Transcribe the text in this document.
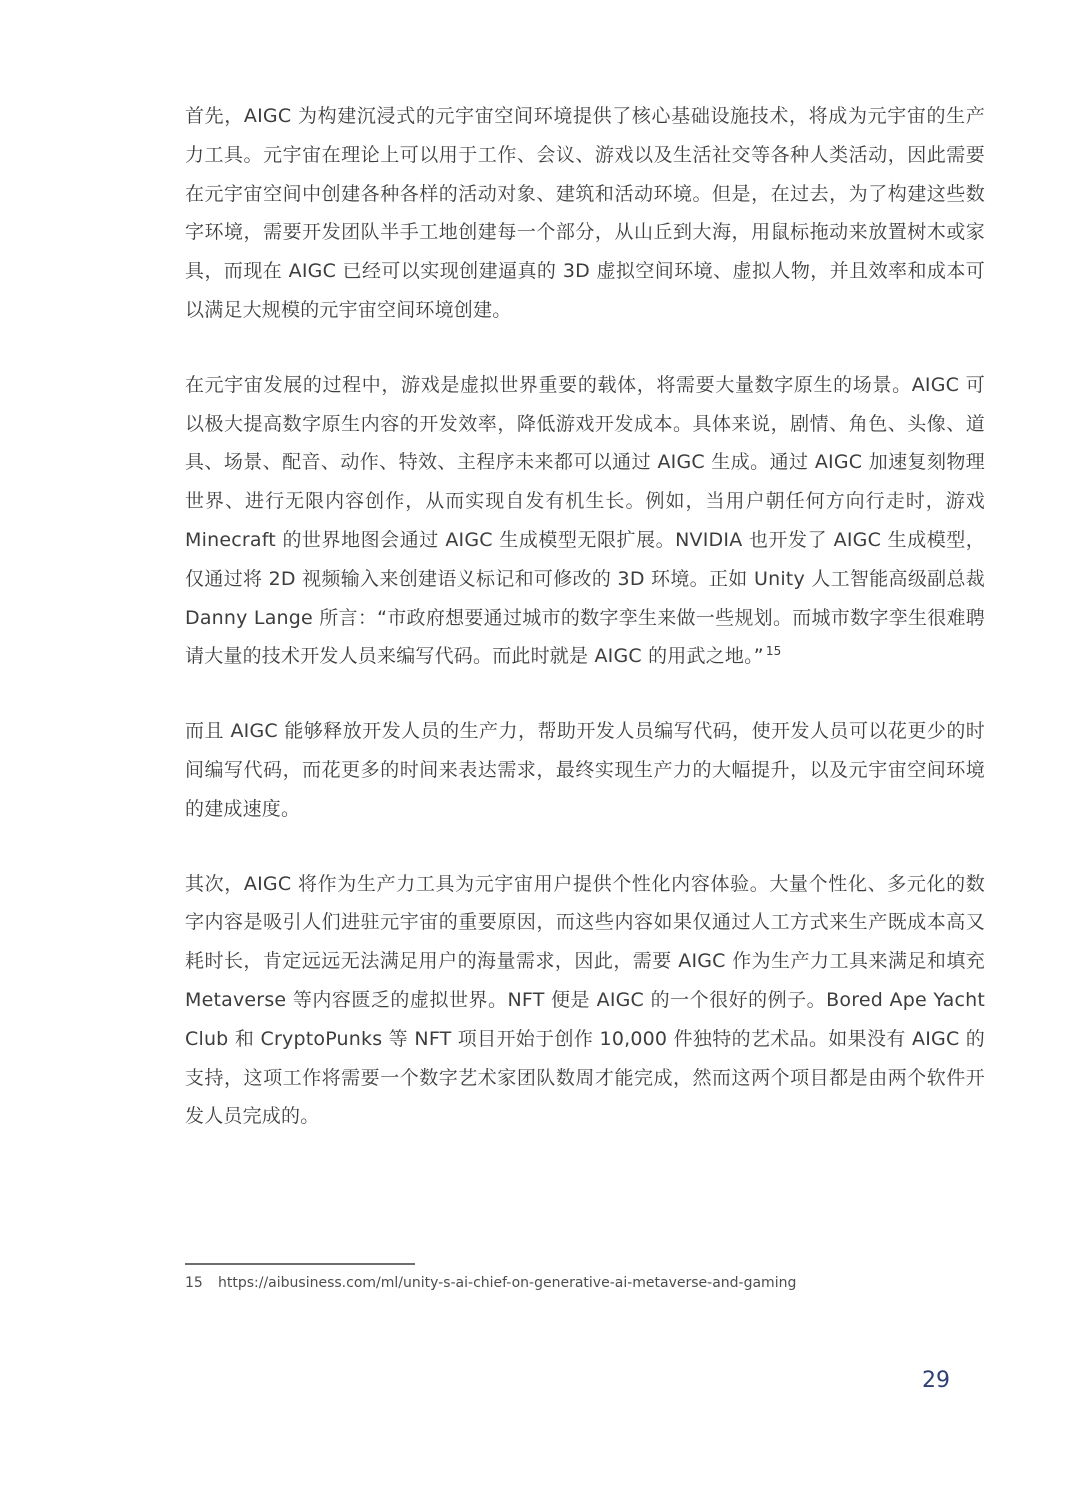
首先，AIGC 为构建沉浸式的元宇宙空间环境提供了核心基础设施技术，将成为元宇宙的生产力工具。元宇宙在理论上可以用于工作、会议、游戏以及生活社交等各种人类活动，因此需要在元宇宙空间中创建各种各样的活动对象、建筑和活动环境。但是，在过去，为了构建这些数字环境，需要开发团队半手工地创建每一个部分，从山丘到大海，用鼠标拖动来放置树木或家具，而现在 AIGC 已经可以实现创建逼真的 3D 虚拟空间环境、虚拟人物，并且效率和成本可以满足大规模的元宇宙空间环境创建。

在元宇宙发展的过程中，游戏是虚拟世界重要的载体，将需要大量数字原生的场景。AIGC 可以极大提高数字原生内容的开发效率，降低游戏开发成本。具体来说，剧情、角色、头像、道具、场景、配音、动作、特效、主程序未来都可以通过 AIGC 生成。通过 AIGC 加速复刻物理世界、进行无限内容创作，从而实现自发有机生长。例如，当用户朝任何方向行走时，游戏 Minecraft 的世界地图会通过 AIGC 生成模型无限扩展。NVIDIA 也开发了 AIGC 生成模型，仅通过将 2D 视频输入来创建语义标记和可修改的 3D 环境。正如 Unity 人工智能高级副总裁 Danny Lange 所言：“市政府想要通过城市的数字孪生来做一些规划。而城市数字孪生很难聘请大量的技术开发人员来编写代码。而此时就是 AIGC 的用武之地。” $^{15}$

而且 AIGC 能够释放开发人员的生产力，帮助开发人员编写代码，使开发人员可以花更少的时间编写代码，而花更多的时间来表达需求，最终实现生产力的大幅提升，以及元宇宙空间环境的建成速度。

其次，AIGC 将作为生产力工具为元宇宙用户提供个性化内容体验。大量个性化、多元化的数字内容是吸引人们进驻元宇宙的重要原因，而这些内容如果仅通过人工方式来生产既成本高又耗时长，肯定远远无法满足用户的海量需求，因此，需要 AIGC 作为生产力工具来满足和填充 Metaverse 等内容匮乏的虚拟世界。NFT 便是 AIGC 的一个很好的例子。Bored Ape Yacht Club 和 CryptoPunks 等 NFT 项目开始于创作 10,000 件独特的艺术品。如果没有 AIGC 的支持，这项工作将需要一个数字艺术家团队数周才能完成，然而这两个项目都是由两个软件开发人员完成的。

15 https://aibusiness.com/ml/unity-s-ai-chief-on-generative-ai-metaverse-and-gaming
29
